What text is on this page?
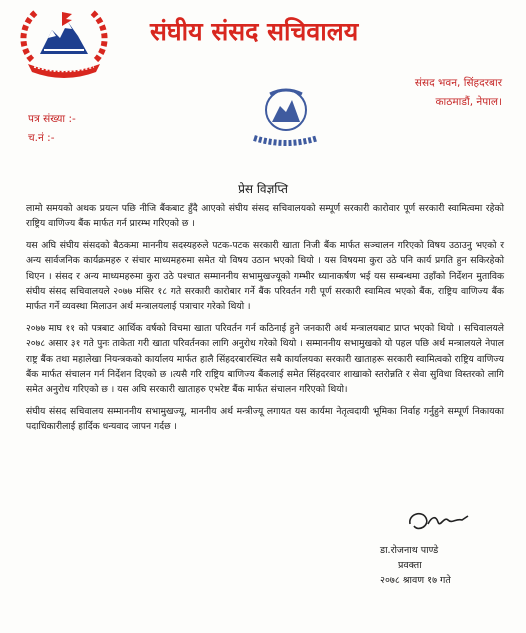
संघीय संसद सचिवालय
संसद भवन, सिंहदरबार
काठमाडौं, नेपाल।
पत्र संख्या :-
च.नं :-
प्रेस विज्ञप्ति

लामो समयको अथक प्रयत्न पछि नीजि बैंकबाट हुँदै आएको संघीय संसद सचिवालयको सम्पूर्ण सरकारी कारोवार पूर्ण सरकारी स्वामित्वमा रहेको राष्ट्रिय वाणिज्य बैंक मार्फत गर्न प्रारम्भ गरिएको छ ।

यस अघि संघीय संसदको बैठकमा माननीय सदस्यहरुले पटक-पटक सरकारी खाता निजी बैंक मार्फत सञ्चालन गरिएको विषय उठाउनु भएको र अन्य सार्वजनिक कार्यक्रमहरु र संचार माध्यमहरुमा समेत यो विषय उठान भएको थियो । यस विषयमा कुरा उठे पनि कार्य प्रगति हुन सकिरहेको थिएन । संसद र अन्य माध्यमहरुमा कुरा उठे पश्चात सम्माननीय सभामुखज्यूको गम्भीर ध्यानाकर्षण भई यस सम्बन्धमा उहाँको निर्देशन मुताविक संघीय संसद सचिवालयले २०७७ मंसिर १८ गते सरकारी कारोबार गर्ने बैंक परिवर्तन गरी पूर्ण सरकारी स्वामित्व भएको बैंक, राष्ट्रिय वाणिज्य बैंक मार्फत गर्ने व्यवस्था मिलाउन अर्थ मन्त्रालयलाई पत्राचार गरेको थियो ।

२०७७ माघ ११ को पत्रबाट आर्थिक वर्षको विचमा खाता परिवर्तन गर्न कठिनाई हुने जनकारी अर्थ मन्त्रालयबाट प्राप्त भएको थियो । सचिवालयले २०७८ असार ३१ गते पुनः ताकेता गरी खाता परिवर्तनका लागि अनुरोध गरेको थियो । सम्माननीय सभामुखको यो पहल पछि अर्थ मन्त्रालयले नेपाल राष्ट्र बैंक तथा महालेखा नियन्त्रकको कार्यालय मार्फत हालै सिंहदरबारस्थित सबै कार्यालयका सरकारी खाताहरू सरकारी स्वामित्वको राष्ट्रिय वाणिज्य बैंक मार्फत संचालन गर्न निर्देशन दिएको छ ।त्यसै गरि राष्ट्रिय बाणिज्य बैंकलाई समेत सिंहदरवार शाखाको स्तरोन्नति र सेवा सुविधा विस्तरको लागि समेत अनुरोध गरिएको छ । यस अघि सरकारी खाताहरु एभरेष्ट बैंक मार्फत संचालन गरिएको थियो।

संघीय संसद सचिवालय सम्माननीय सभामुखज्यू, माननीय अर्थ मन्त्रीज्यू लगायत यस कार्यमा नेतृत्वदायी भूमिका निर्वाह गर्नुहुने सम्पूर्ण निकायका पदाधिकारीलाई हार्दिक धन्यवाद जापन गर्दछ ।

डा.रोजनाथ पाण्डे
प्रवक्ता
२०७८ श्रावण १७ गते
